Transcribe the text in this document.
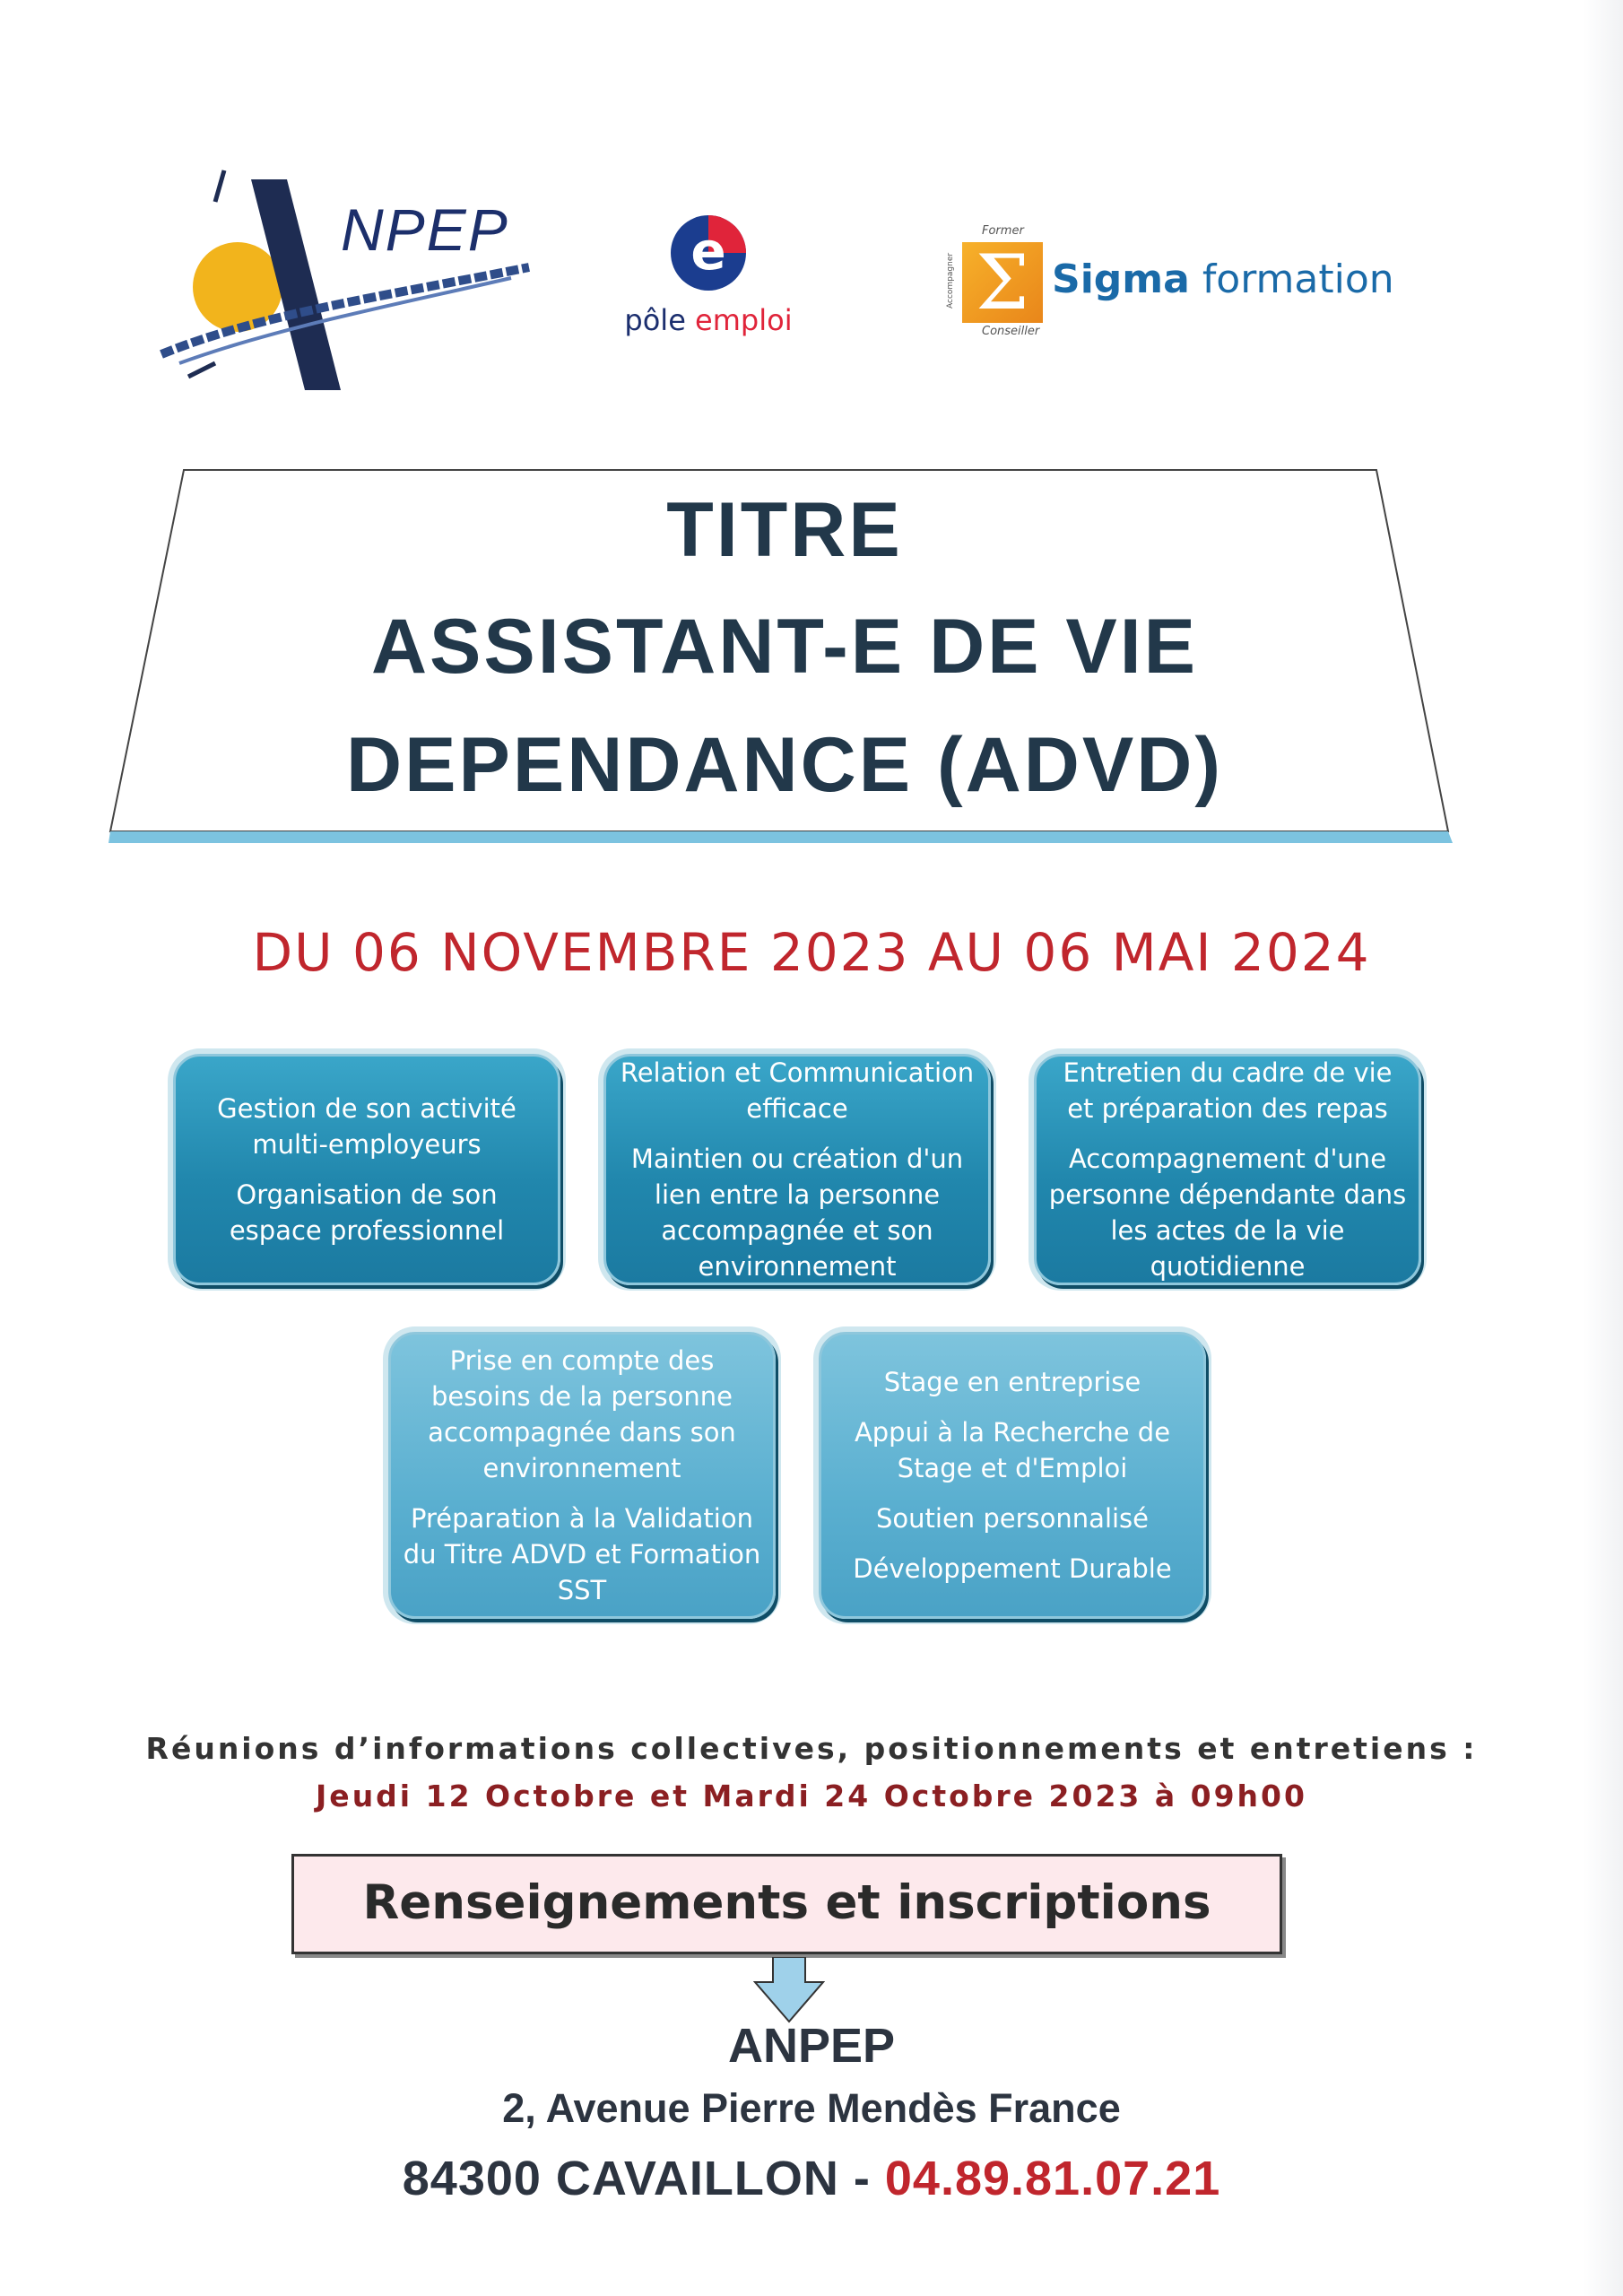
NPEP	e

pôle emploi

Accompagner
Former
Σ
Conseiller
Sigma formation

TITRE

ASSISTANT-E DE VIE

DEPENDANCE (ADVD)

DU 06 NOVEMBRE 2023 AU 06 MAI 2024

Gestion de son activité multi-employeurs

Organisation de son espace professionnel

Relation et Communication efficace

Maintien ou création d'un lien entre la personne accompagnée et son environnement

Entretien du cadre de vie et préparation des repas

Accompagnement d'une personne dépendante dans les actes de la vie quotidienne

Prise en compte des besoins de la personne accompagnée dans son environnement

Préparation à la Validation du Titre ADVD et Formation SST

Stage en entreprise

Appui à la Recherche de Stage et d'Emploi

Soutien personnalisé

Développement Durable

Réunions d’informations collectives, positionnements et entretiens :

Jeudi 12 Octobre et Mardi 24 Octobre 2023 à 09h00

Renseignements et inscriptions

ANPEP

2, Avenue Pierre Mendès France

84300 CAVAILLON - 04.89.81.07.21
